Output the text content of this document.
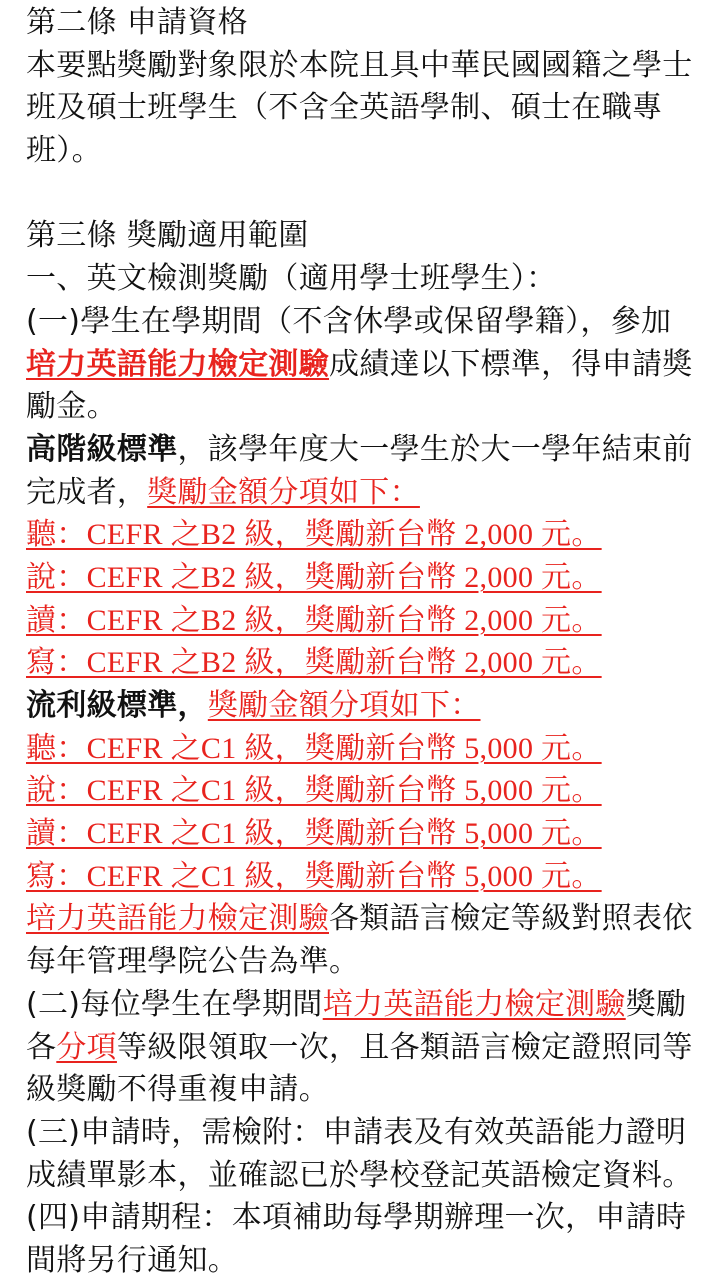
第二條 申請資格
本要點獎勵對象限於本院且具中華民國國籍之學士
班及碩士班學生（不含全英語學制、碩士在職專
班）。
第三條 獎勵適用範圍
一、英文檢測獎勵（適用學士班學生）：
(一)學生在學期間（不含休學或保留學籍），參加
培力英語能力檢定測驗成績達以下標準，得申請獎
勵金。
高階級標準，該學年度大一學生於大一學年結束前
完成者，獎勵金額分項如下：
聽：CEFR 之B2 級，獎勵新台幣 2,000 元。
說：CEFR 之B2 級，獎勵新台幣 2,000 元。
讀：CEFR 之B2 級，獎勵新台幣 2,000 元。
寫：CEFR 之B2 級，獎勵新台幣 2,000 元。
流利級標準，獎勵金額分項如下：
聽：CEFR 之C1 級，獎勵新台幣 5,000 元。
說：CEFR 之C1 級，獎勵新台幣 5,000 元。
讀：CEFR 之C1 級，獎勵新台幣 5,000 元。
寫：CEFR 之C1 級，獎勵新台幣 5,000 元。
培力英語能力檢定測驗各類語言檢定等級對照表依
每年管理學院公告為準。
(二)每位學生在學期間培力英語能力檢定測驗獎勵
各分項等級限領取一次，且各類語言檢定證照同等
級獎勵不得重複申請。
(三)申請時，需檢附：申請表及有效英語能力證明
成績單影本，並確認已於學校登記英語檢定資料。
(四)申請期程：本項補助每學期辦理一次，申請時
間將另行通知。
